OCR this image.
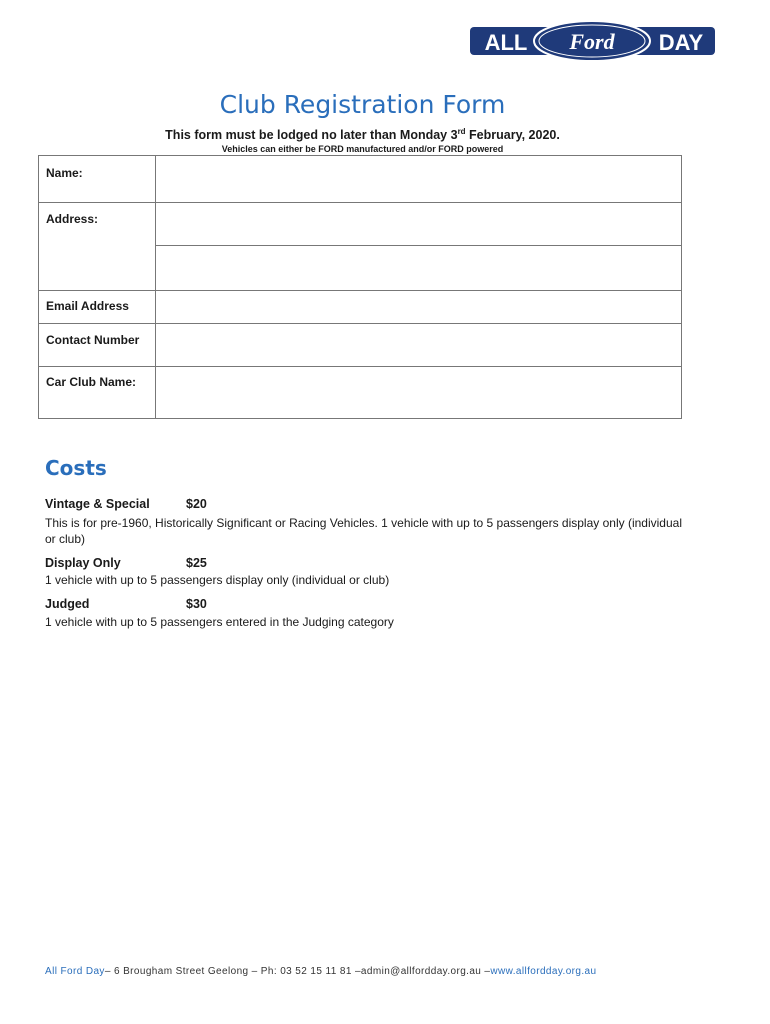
ALL Ford DAY
Club Registration Form
This form must be lodged no later than Monday 3rd February, 2020.
Vehicles can either be FORD manufactured and/or FORD powered
Name:
Address:
Email Address
Contact Number
Car Club Name:
Costs
Vintage & Special	$20
This is for pre-1960, Historically Significant or Racing Vehicles. 1 vehicle with up to 5 passengers display only (individual or club)
Display Only	$25
1 vehicle with up to 5 passengers display only (individual or club)
Judged	$30
1 vehicle with up to 5 passengers entered in the Judging category
All Ford Day– 6 Brougham Street Geelong – Ph: 03 52 15 11 81 –admin@allfordday.org.au –www.allfordday.org.au
